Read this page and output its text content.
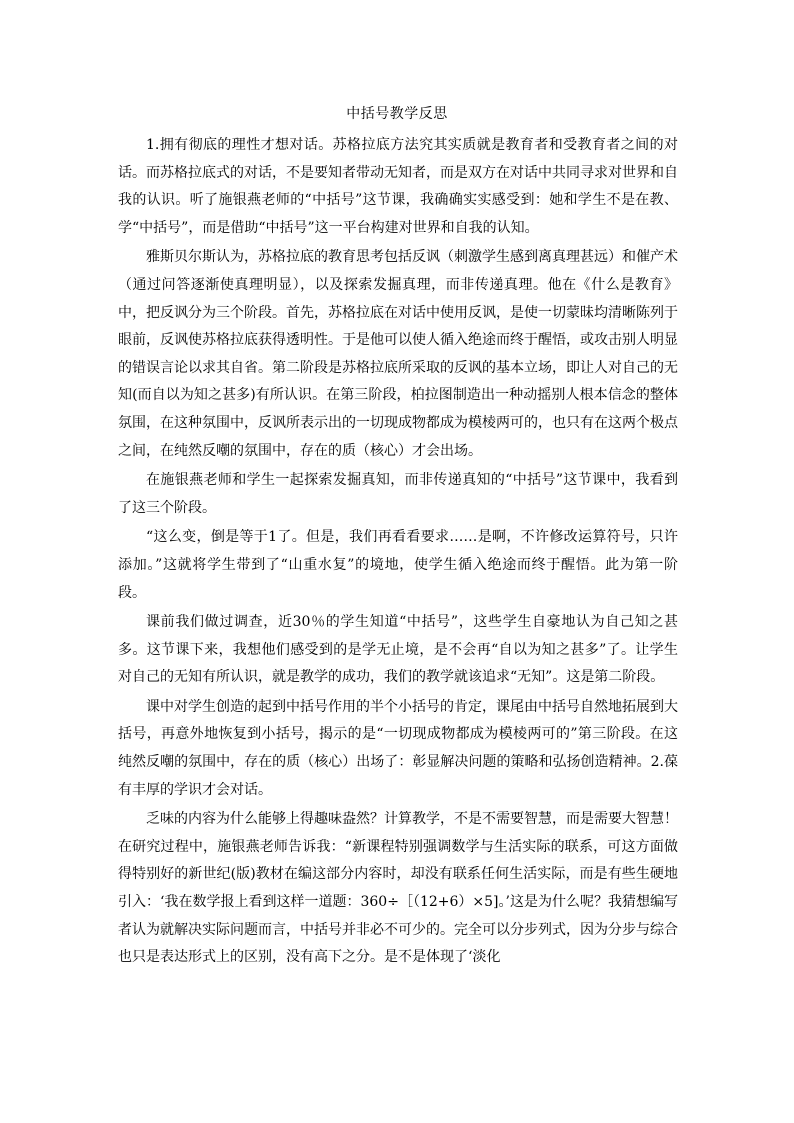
中括号教学反思

1.拥有彻底的理性才想对话。苏格拉底方法究其实质就是教育者和受教育者之间的对话。而苏格拉底式的对话，不是要知者带动无知者，而是双方在对话中共同寻求对世界和自我的认识。听了施银燕老师的“中括号”这节课，我确确实实感受到：她和学生不是在教、学“中括号”，而是借助“中括号”这一平台构建对世界和自我的认知。

雅斯贝尔斯认为，苏格拉底的教育思考包括反讽（刺激学生感到离真理甚远）和催产术（通过问答逐渐使真理明显），以及探索发掘真理，而非传递真理。他在《什么是教育》中，把反讽分为三个阶段。首先，苏格拉底在对话中使用反讽，是使一切蒙昧均清晰陈列于眼前，反讽使苏格拉底获得透明性。于是他可以使人循入绝途而终于醒悟，或攻击别人明显的错误言论以求其自省。第二阶段是苏格拉底所采取的反讽的基本立场，即让人对自己的无知(而自以为知之甚多)有所认识。在第三阶段，柏拉图制造出一种动摇别人根本信念的整体氛围，在这种氛围中，反讽所表示出的一切现成物都成为模棱两可的，也只有在这两个极点之间，在纯然反嘲的氛围中，存在的质（核心）才会出场。

在施银燕老师和学生一起探索发掘真知，而非传递真知的“中括号”这节课中，我看到了这三个阶段。

“这么变，倒是等于1了。但是，我们再看看要求……是啊，不许修改运算符号，只许添加。”这就将学生带到了“山重水复”的境地，使学生循入绝途而终于醒悟。此为第一阶段。

课前我们做过调查，近30％的学生知道“中括号”，这些学生自豪地认为自己知之甚多。这节课下来，我想他们感受到的是学无止境，是不会再“自以为知之甚多”了。让学生对自己的无知有所认识，就是教学的成功，我们的教学就该追求“无知”。这是第二阶段。

课中对学生创造的起到中括号作用的半个小括号的肯定，课尾由中括号自然地拓展到大括号，再意外地恢复到小括号，揭示的是“一切现成物都成为模棱两可的”第三阶段。在这纯然反嘲的氛围中，存在的质（核心）出场了：彰显解决问题的策略和弘扬创造精神。2.葆有丰厚的学识才会对话。

乏味的内容为什么能够上得趣味盎然？计算教学，不是不需要智慧，而是需要大智慧！在研究过程中，施银燕老师告诉我：“新课程特别强调数学与生活实际的联系，可这方面做得特别好的新世纪(版)教材在编这部分内容时，却没有联系任何生活实际，而是有些生硬地引入：‘我在数学报上看到这样一道题：360÷［（12+6）×5]。’这是为什么呢？我猜想编写者认为就解决实际问题而言，中括号并非必不可少的。完全可以分步列式，因为分步与综合也只是表达形式上的区别，没有高下之分。是不是体现了‘淡化
